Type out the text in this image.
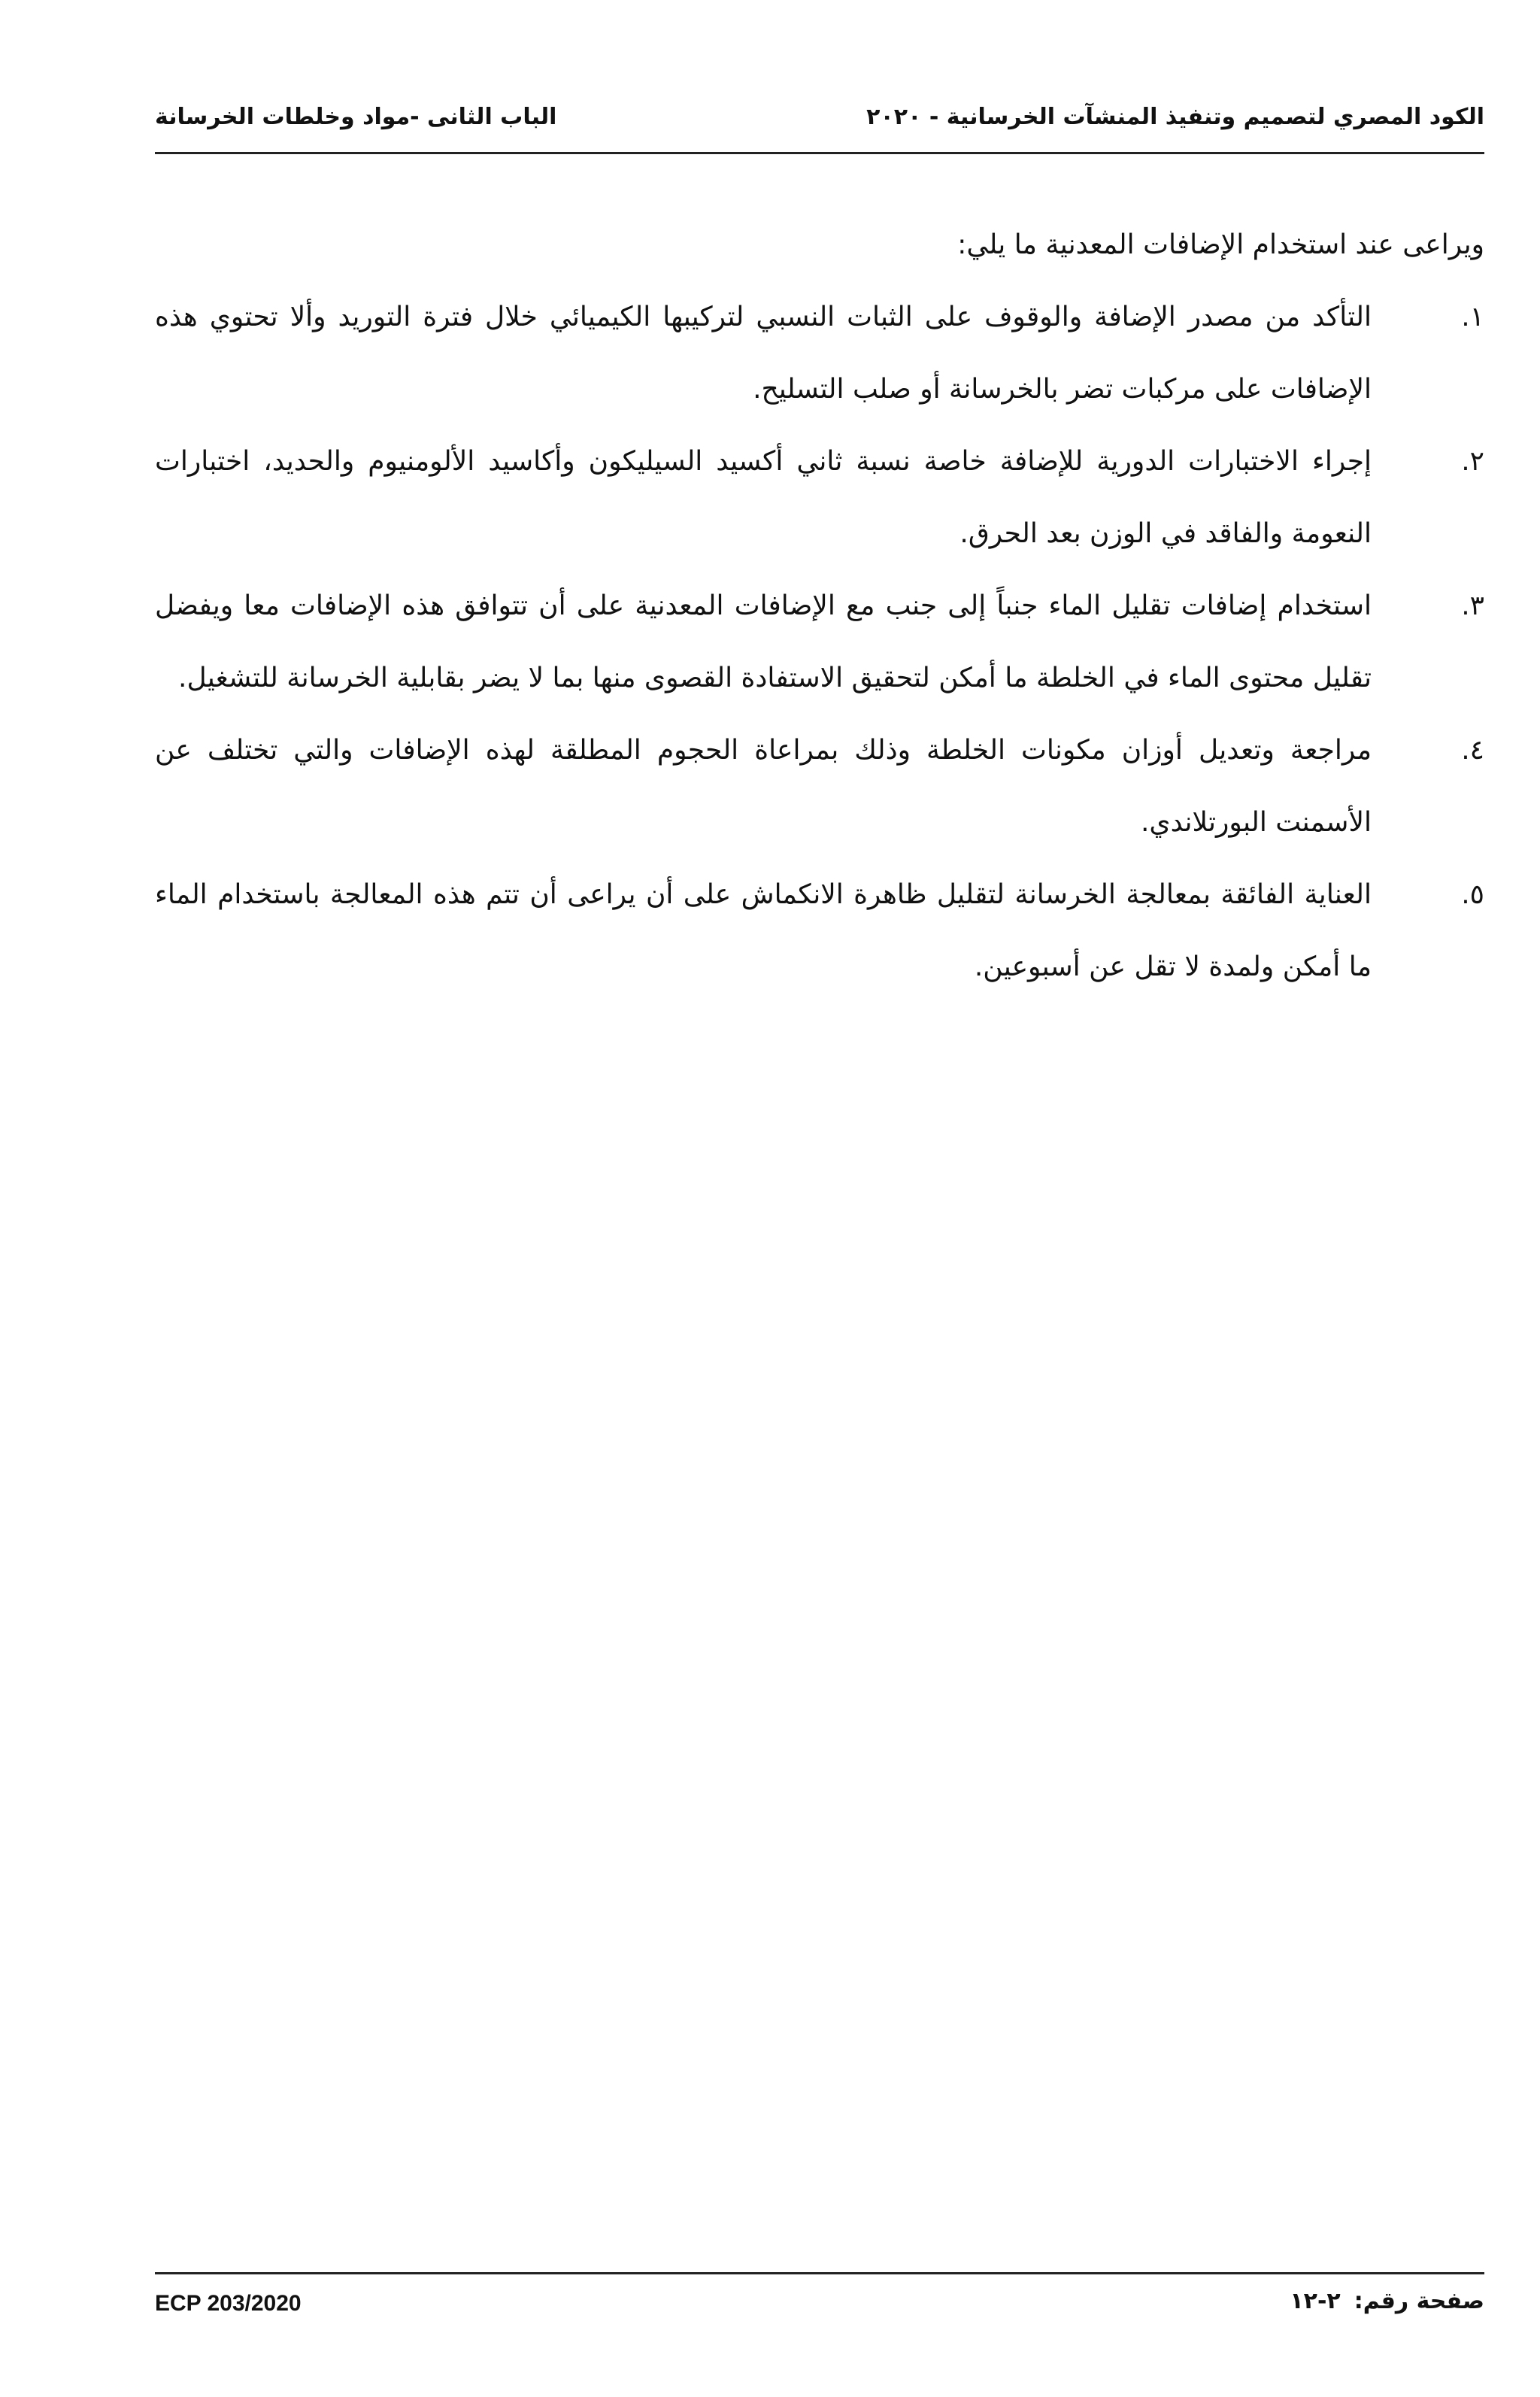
الكود المصري لتصميم وتنفيذ المنشآت الخرسانية - ٢٠٢٠
الباب الثانى -مواد وخلطات الخرسانة
ويراعى عند استخدام الإضافات المعدنية ما يلي:
١.
التأكد من مصدر الإضافة والوقوف على الثبات النسبي لتركيبها الكيميائي خلال فترة التوريد وألا تحتوي هذه الإضافات على مركبات تضر بالخرسانة أو صلب التسليح.
٢.
إجراء الاختبارات الدورية للإضافة خاصة نسبة ثاني أكسيد السيليكون وأكاسيد الألومنيوم والحديد، اختبارات النعومة والفاقد في الوزن بعد الحرق.
٣.
استخدام إضافات تقليل الماء جنباً إلى جنب مع الإضافات المعدنية على أن تتوافق هذه الإضافات معا ويفضل تقليل محتوى الماء في الخلطة ما أمكن لتحقيق الاستفادة القصوى منها بما لا يضر بقابلية الخرسانة للتشغيل.
٤.
مراجعة وتعديل أوزان مكونات الخلطة وذلك بمراعاة الحجوم المطلقة لهذه الإضافات والتي تختلف عن الأسمنت البورتلاندي.
٥.
العناية الفائقة بمعالجة الخرسانة لتقليل ظاهرة الانكماش على أن يراعى أن تتم هذه المعالجة باستخدام الماء ما أمكن ولمدة لا تقل عن أسبوعين.
ECP 203/2020	صفحة رقم:٢-١٢
